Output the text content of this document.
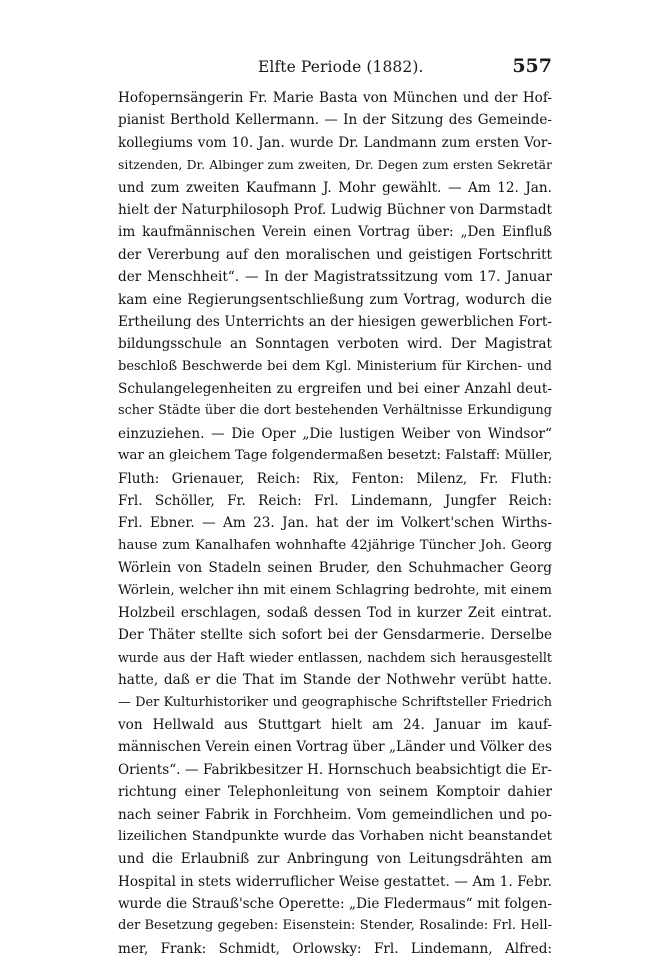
Elfte Periode (1882).	557
Hofopernsängerin Fr. Marie Basta von München und der Hof-
pianist Berthold Kellermann. — In der Sitzung des Gemeinde-
kollegiums vom 10. Jan. wurde Dr. Landmann zum ersten Vor-
sitzenden, Dr. Albinger zum zweiten, Dr. Degen zum ersten Sekretär
und zum zweiten Kaufmann J. Mohr gewählt. — Am 12. Jan.
hielt der Naturphilosoph Prof. Ludwig Büchner von Darmstadt
im kaufmännischen Verein einen Vortrag über: „Den Einfluß
der Vererbung auf den moralischen und geistigen Fortschritt
der Menschheit“. — In der Magistratssitzung vom 17. Januar
kam eine Regierungsentschließung zum Vortrag, wodurch die
Ertheilung des Unterrichts an der hiesigen gewerblichen Fort-
bildungsschule an Sonntagen verboten wird. Der Magistrat
beschloß Beschwerde bei dem Kgl. Ministerium für Kirchen- und
Schulangelegenheiten zu ergreifen und bei einer Anzahl deut-
scher Städte über die dort bestehenden Verhältnisse Erkundigung
einzuziehen. — Die Oper „Die lustigen Weiber von Windsor“
war an gleichem Tage folgendermaßen besetzt: Falstaff: Müller,
Fluth: Grienauer, Reich: Rix, Fenton: Milenz, Fr. Fluth:
Frl. Schöller, Fr. Reich: Frl. Lindemann, Jungfer Reich:
Frl. Ebner. — Am 23. Jan. hat der im Volkert'schen Wirths-
hause zum Kanalhafen wohnhafte 42jährige Tüncher Joh. Georg
Wörlein von Stadeln seinen Bruder, den Schuhmacher Georg
Wörlein, welcher ihn mit einem Schlagring bedrohte, mit einem
Holzbeil erschlagen, sodaß dessen Tod in kurzer Zeit eintrat.
Der Thäter stellte sich sofort bei der Gensdarmerie. Derselbe
wurde aus der Haft wieder entlassen, nachdem sich herausgestellt
hatte, daß er die That im Stande der Nothwehr verübt hatte.
— Der Kulturhistoriker und geographische Schriftsteller Friedrich
von Hellwald aus Stuttgart hielt am 24. Januar im kauf-
männischen Verein einen Vortrag über „Länder und Völker des
Orients“. — Fabrikbesitzer H. Hornschuch beabsichtigt die Er-
richtung einer Telephonleitung von seinem Komptoir dahier
nach seiner Fabrik in Forchheim. Vom gemeindlichen und po-
lizeilichen Standpunkte wurde das Vorhaben nicht beanstandet
und die Erlaubniß zur Anbringung von Leitungsdrähten am
Hospital in stets widerruflicher Weise gestattet. — Am 1. Febr.
wurde die Strauß'sche Operette: „Die Fledermaus“ mit folgen-
der Besetzung gegeben: Eisenstein: Stender, Rosalinde: Frl. Hell-
mer, Frank: Schmidt, Orlowsky: Frl. Lindemann, Alfred:
